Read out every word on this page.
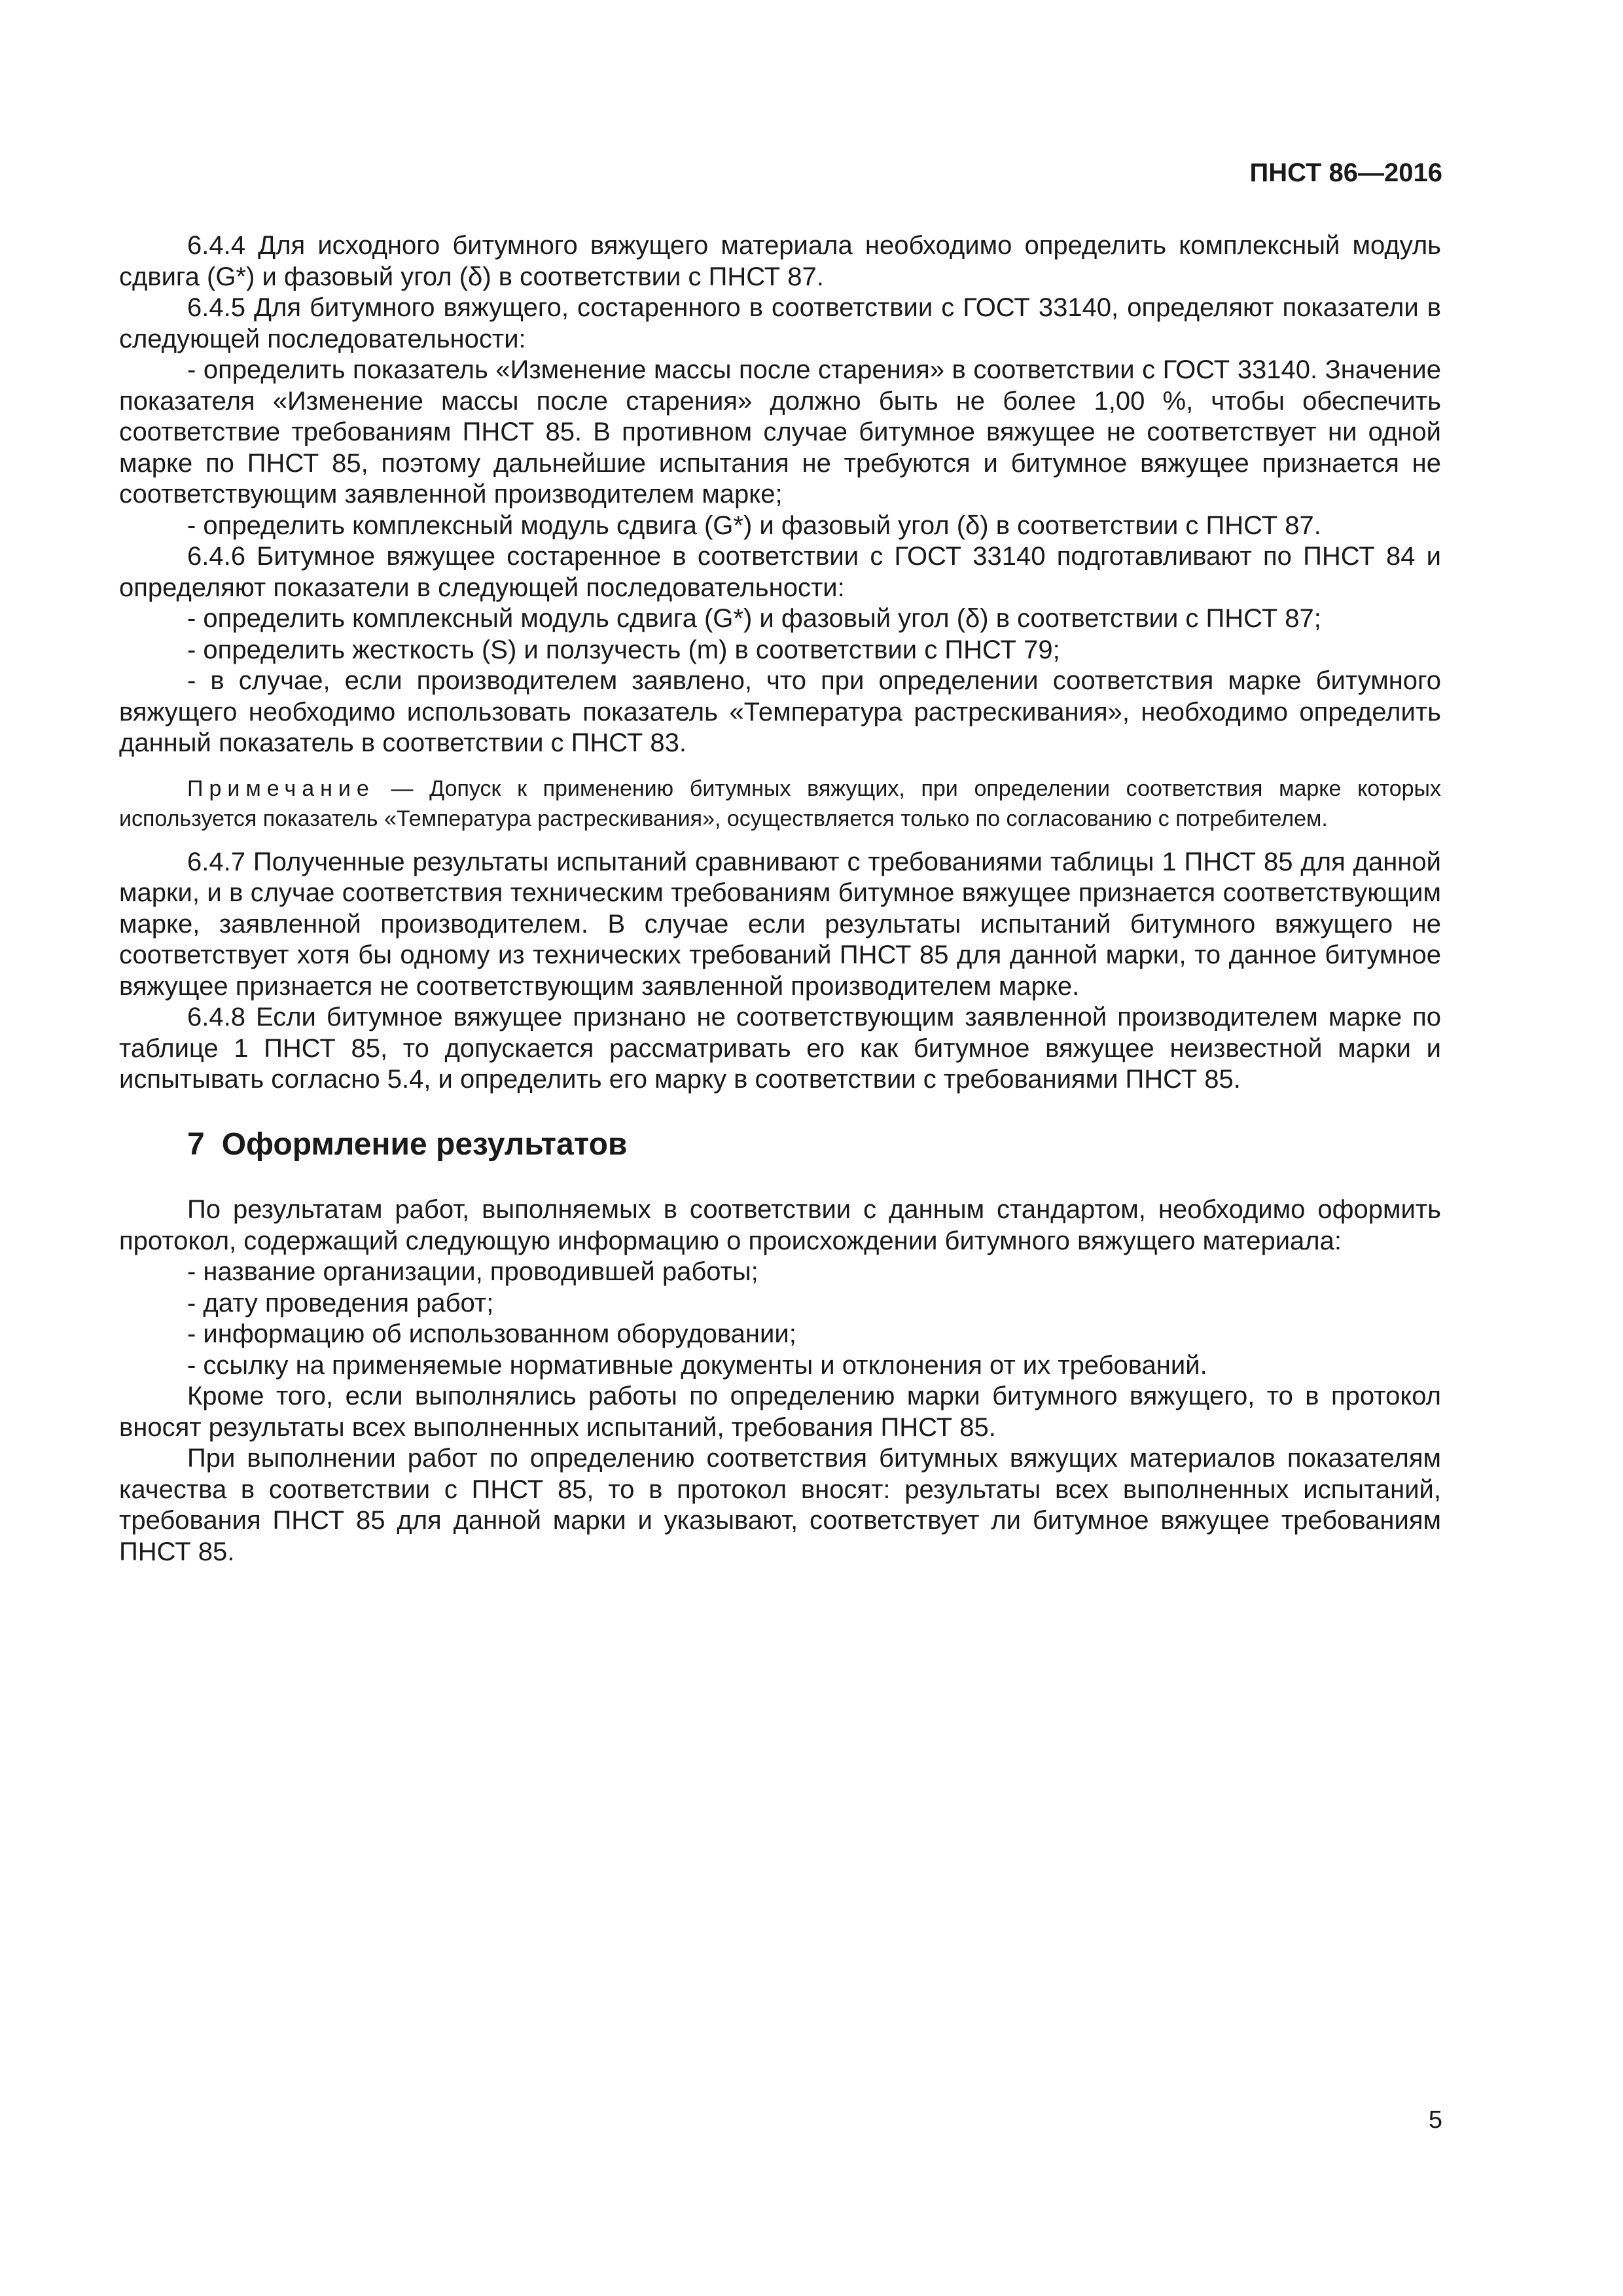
ПНСТ 86—2016

6.4.4 Для исходного битумного вяжущего материала необходимо определить комплексный модуль сдвига (G*) и фазовый угол (δ) в соответствии с ПНСТ 87.

6.4.5 Для битумного вяжущего, состаренного в соответствии с ГОСТ 33140, определяют показатели в следующей последовательности:

- определить показатель «Изменение массы после старения» в соответствии с ГОСТ 33140. Значение показателя «Изменение массы после старения» должно быть не более 1,00 %, чтобы обеспечить соответствие требованиям ПНСТ 85. В противном случае битумное вяжущее не соответствует ни одной марке по ПНСТ 85, поэтому дальнейшие испытания не требуются и битумное вяжущее признается не соответствующим заявленной производителем марке;

- определить комплексный модуль сдвига (G*) и фазовый угол (δ) в соответствии с ПНСТ 87.

6.4.6 Битумное вяжущее состаренное в соответствии с ГОСТ 33140 подготавливают по ПНСТ 84 и определяют показатели в следующей последовательности:

- определить комплексный модуль сдвига (G*) и фазовый угол (δ) в соответствии с ПНСТ 87;

- определить жесткость (S) и ползучесть (m) в соответствии с ПНСТ 79;

- в случае, если производителем заявлено, что при определении соответствия марке битумного вяжущего необходимо использовать показатель «Температура растрескивания», необходимо определить данный показатель в соответствии с ПНСТ 83.

Примечание — Допуск к применению битумных вяжущих, при определении соответствия марке которых используется показатель «Температура растрескивания», осуществляется только по согласованию с потребителем.

6.4.7 Полученные результаты испытаний сравнивают с требованиями таблицы 1 ПНСТ 85 для данной марки, и в случае соответствия техническим требованиям битумное вяжущее признается соответствующим марке, заявленной производителем. В случае если результаты испытаний битумного вяжущего не соответствует хотя бы одному из технических требований ПНСТ 85 для данной марки, то данное битумное вяжущее признается не соответствующим заявленной производителем марке.

6.4.8 Если битумное вяжущее признано не соответствующим заявленной производителем марке по таблице 1 ПНСТ 85, то допускается рассматривать его как битумное вяжущее неизвестной марки и испытывать согласно 5.4, и определить его марку в соответствии с требованиями ПНСТ 85.

7 Оформление результатов

По результатам работ, выполняемых в соответствии с данным стандартом, необходимо оформить протокол, содержащий следующую информацию о происхождении битумного вяжущего материала:

- название организации, проводившей работы;

- дату проведения работ;

- информацию об использованном оборудовании;

- ссылку на применяемые нормативные документы и отклонения от их требований.

Кроме того, если выполнялись работы по определению марки битумного вяжущего, то в протокол вносят результаты всех выполненных испытаний, требования ПНСТ 85.

При выполнении работ по определению соответствия битумных вяжущих материалов показателям качества в соответствии с ПНСТ 85, то в протокол вносят: результаты всех выполненных испытаний, требования ПНСТ 85 для данной марки и указывают, соответствует ли битумное вяжущее требованиям ПНСТ 85.

5
